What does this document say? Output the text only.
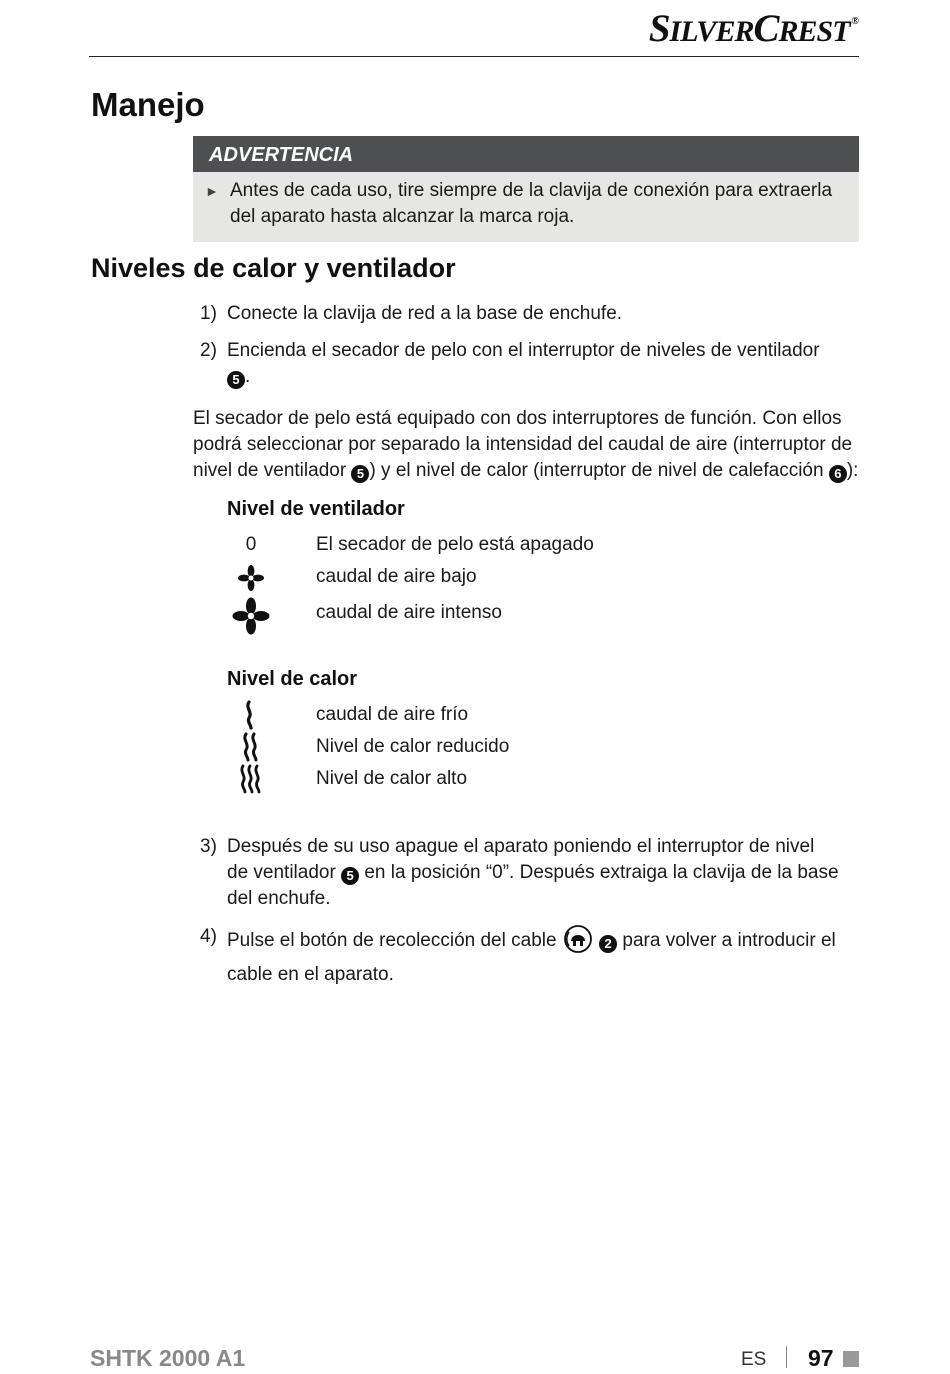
SILVERCREST ®
Manejo
ADVERTENCIA
► Antes de cada uso, tire siempre de la clavija de conexión para extraerla del aparato hasta alcanzar la marca roja.
Niveles de calor y ventilador
1) Conecte la clavija de red a la base de enchufe.
2) Encienda el secador de pelo con el interruptor de niveles de ventilador 5 .
El secador de pelo está equipado con dos interruptores de función. Con ellos podrá seleccionar por separado la intensidad del caudal de aire (interruptor de nivel de ventilador 5 ) y el nivel de calor (interruptor de nivel de calefacción 6 ):
Nivel de ventilador
0	El secador de pelo está apagado
caudal de aire bajo
caudal de aire intenso
Nivel de calor
caudal de aire frío
Nivel de calor reducido
Nivel de calor alto
3) Después de su uso apague el aparato poniendo el interruptor de nivel de ventilador 5 en la posición “0”. Después extraiga la clavija de la base del enchufe.
4) Pulse el botón de recolección del cable	2 para volver a introducir el cable en el aparato.
SHTK 2000 A1	ES 97
